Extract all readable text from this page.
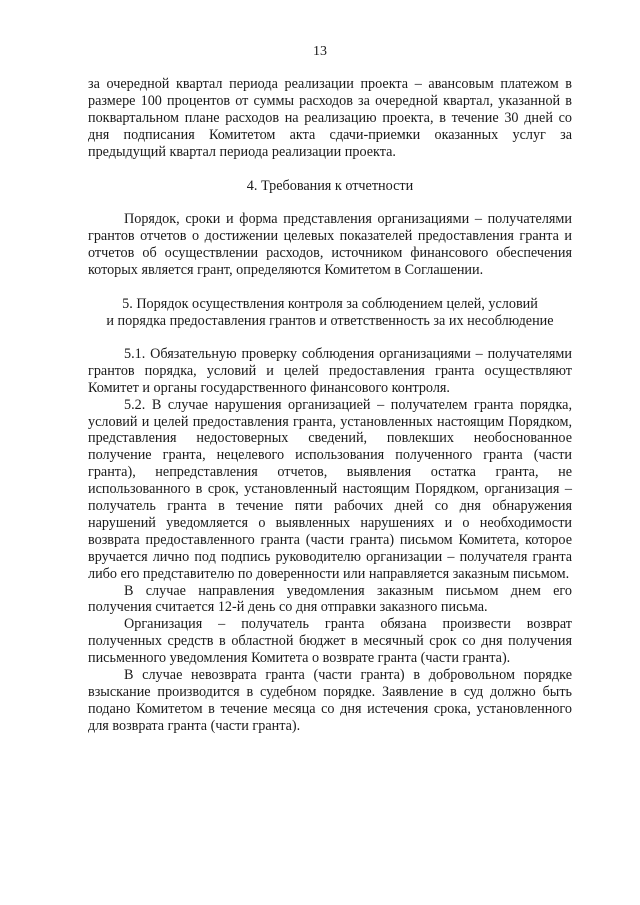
13

за очередной квартал периода реализации проекта – авансовым платежом в размере 100 процентов от суммы расходов за очередной квартал, указанной в поквартальном плане расходов на реализацию проекта, в течение 30 дней со дня подписания Комитетом акта сдачи-приемки оказанных услуг за предыдущий квартал периода реализации проекта.

4. Требования к отчетности

Порядок, сроки и форма представления организациями – получателями грантов отчетов о достижении целевых показателей предоставления гранта и отчетов об осуществлении расходов, источником финансового обеспечения которых является грант, определяются Комитетом в Соглашении.

5. Порядок осуществления контроля за соблюдением целей, условий

и порядка предоставления грантов и ответственность за их несоблюдение

5.1. Обязательную проверку соблюдения организациями – получателями грантов порядка, условий и целей предоставления гранта осуществляют Комитет и органы государственного финансового контроля.

5.2. В случае нарушения организацией – получателем гранта порядка, условий и целей предоставления гранта, установленных настоящим Порядком, представления недостоверных сведений, повлекших необоснованное получение гранта, нецелевого использования полученного гранта (части гранта), непредставления отчетов, выявления остатка гранта, не использованного в срок, установленный настоящим Порядком, организация – получатель гранта в течение пяти рабочих дней со дня обнаружения нарушений уведомляется о выявленных нарушениях и о необходимости возврата предоставленного гранта (части гранта) письмом Комитета, которое вручается лично под подпись руководителю организации – получателя гранта либо его представителю по доверенности или направляется заказным письмом.

В случае направления уведомления заказным письмом днем его получения считается 12-й день со дня отправки заказного письма.

Организация – получатель гранта обязана произвести возврат полученных средств в областной бюджет в месячный срок со дня получения письменного уведомления Комитета о возврате гранта (части гранта).

В случае невозврата гранта (части гранта) в добровольном порядке взыскание производится в судебном порядке. Заявление в суд должно быть подано Комитетом в течение месяца со дня истечения срока, установленного для возврата гранта (части гранта).
